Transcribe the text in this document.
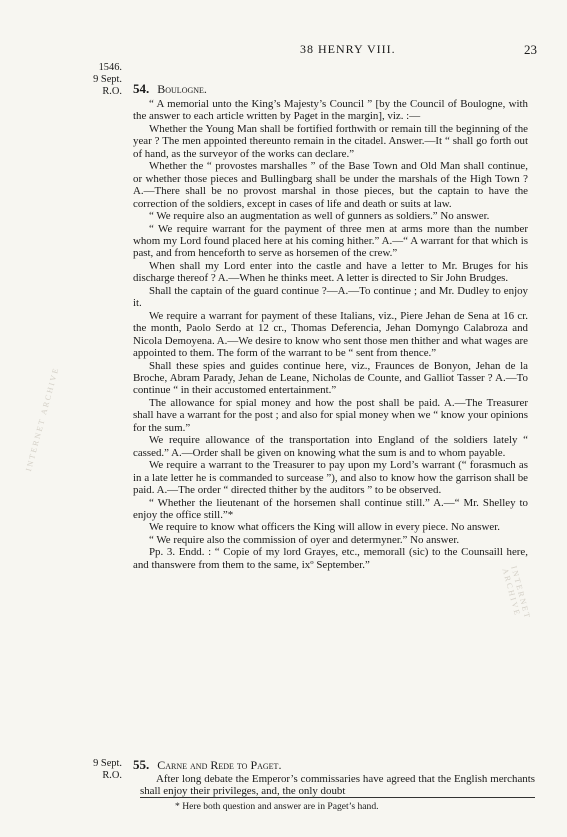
38 HENRY VIII.	23
1546.
9 Sept.
R.O. 54. Boulogne.

“ A memorial unto the King’s Majesty’s Council ” [by the Council of Boulogne, with the answer to each article written by Paget in the margin], viz. :—

Whether the Young Man shall be fortified forthwith or remain till the beginning of the year ? The men appointed thereunto remain in the citadel. Answer.—It “ shall go forth out of hand, as the surveyor of the works can declare.”

Whether the “ provostes marshalles ” of the Base Town and Old Man shall continue, or whether those pieces and Bullingbarg shall be under the marshals of the High Town ? A.—There shall be no provost marshal in those pieces, but the captain to have the correction of the soldiers, except in cases of life and death or suits at law.

“ We require also an augmentation as well of gunners as soldiers.” No answer.

“ We require warrant for the payment of three men at arms more than the number whom my Lord found placed here at his coming hither.” A.—“ A warrant for that which is past, and from henceforth to serve as horsemen of the crew.”

When shall my Lord enter into the castle and have a letter to Mr. Bruges for his discharge thereof ? A.—When he thinks meet. A letter is directed to Sir John Brudges.

Shall the captain of the guard continue ?—A.—To continue ; and Mr. Dudley to enjoy it.

We require a warrant for payment of these Italians, viz., Piere Jehan de Sena at 16 cr. the month, Paolo Serdo at 12 cr., Thomas Deferencia, Jehan Domyngo Calabroza and Nicola Demoyena. A.—We desire to know who sent those men thither and what wages are appointed to them. The form of the warrant to be “ sent from thence.”

Shall these spies and guides continue here, viz., Fraunces de Bonyon, Jehan de la Broche, Abram Parady, Jehan de Leane, Nicholas de Counte, and Galliot Tasser ? A.—To continue “ in their accustomed entertainment.”

The allowance for spial money and how the post shall be paid. A.—The Treasurer shall have a warrant for the post ; and also for spial money when we “ know your opinions for the sum.”

We require allowance of the transportation into England of the soldiers lately “ cassed.” A.—Order shall be given on knowing what the sum is and to whom payable.

We require a warrant to the Treasurer to pay upon my Lord’s warrant (“ forasmuch as in a late letter he is commanded to surcease ”), and also to know how the garrison shall be paid. A.—The order “ directed thither by the auditors ” to be observed.

“ Whether the lieutenant of the horsemen shall continue still.” A.—“ Mr. Shelley to enjoy the office still.”*

We require to know what officers the King will allow in every piece. No answer.

“ We require also the commission of oyer and determyner.” No answer.

Pp. 3. Endd. : “ Copie of my lord Grayes, etc., memorall (sic) to the Counsaill here, and thanswere from them to the same, ixº September.”

9 Sept.
R.O.
55. Carne and Rede to Paget.

After long debate the Emperor’s commissaries have agreed that the English merchants shall enjoy their privileges, and, the only doubt

* Here both question and answer are in Paget’s hand.
INTERNET ARCHIVE
INTERNET ARCHIVE
